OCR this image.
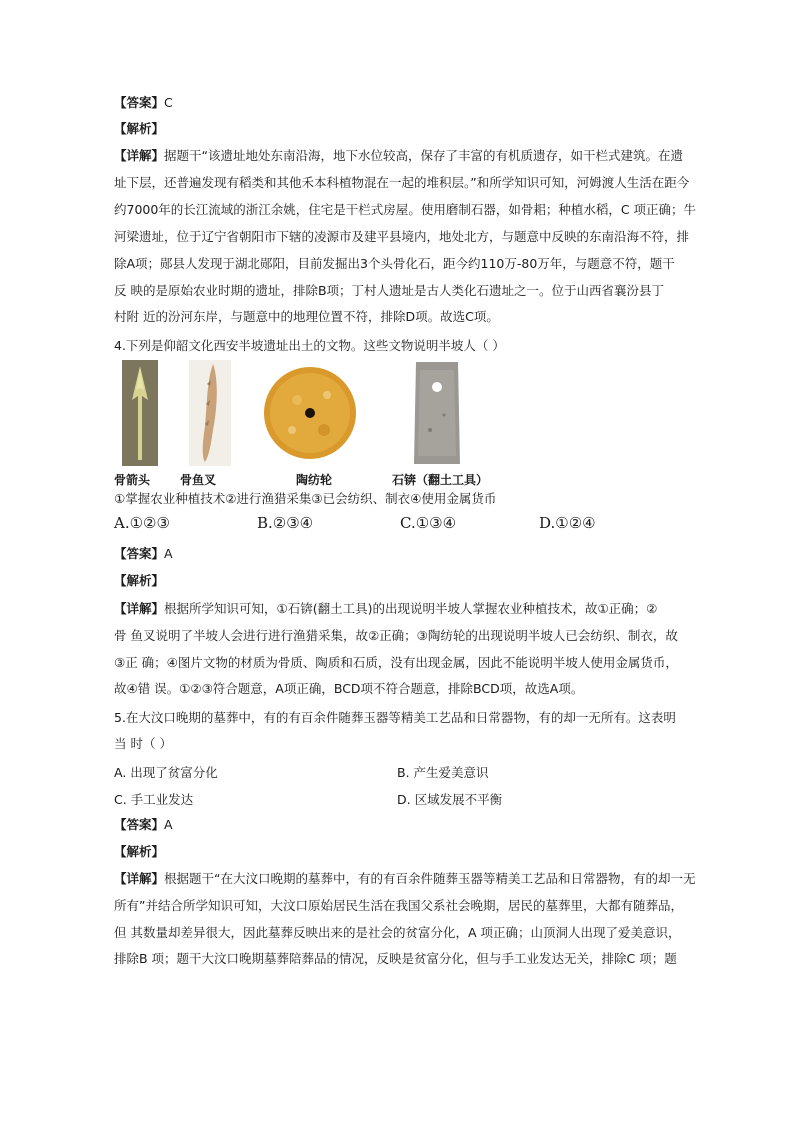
【答案】C
【解析】
【详解】据题干“该遗址地处东南沿海，地下水位较高，保存了丰富的有机质遗存，如干栏式建筑。在遗
址下层，还普遍发现有稻类和其他禾本科植物混在一起的堆积层。”和所学知识可知，河姆渡人生活在距今
约7000年的长江流域的浙江余姚，住宅是干栏式房屋。使用磨制石器，如骨耜；种植水稻，C 项正确；牛
河梁遗址，位于辽宁省朝阳市下辖的凌源市及建平县境内，地处北方，与题意中反映的东南沿海不符，排
除A项；郧县人发现于湖北郧阳，目前发掘出3个头骨化石，距今约110万-80万年，与题意不符，题干
反 映的是原始农业时期的遗址，排除B项；丁村人遗址是古人类化石遗址之一。位于山西省襄汾县丁
村附 近的汾河东岸，与题意中的地理位置不符，排除D项。故选C项。
4.下列是仰韶文化西安半坡遗址出土的文物。这些文物说明半坡人（ ）
骨箭头 骨鱼叉	陶纺轮	石锛（翻土工具）
①掌握农业种植技术②进行渔猎采集③已会纺织、制衣④使用金属货币
A.①②③	B.②③④	C.①③④	D.①②④
【答案】A
【解析】
【详解】根据所学知识可知，①石锛(翻土工具)的出现说明半坡人掌握农业种植技术，故①正确；②
骨 鱼叉说明了半坡人会进行进行渔猎采集，故②正确；③陶纺轮的出现说明半坡人已会纺织、制衣，故
③正 确；④图片文物的材质为骨质、陶质和石质，没有出现金属，因此不能说明半坡人使用金属货币，
故④错 误。①②③符合题意，A项正确，BCD项不符合题意，排除BCD项，故选A项。
5.在大汶口晚期的墓葬中，有的有百余件随葬玉器等精美工艺品和日常器物，有的却一无所有。这表明
当 时（ ）
A. 出现了贫富分化	B. 产生爱美意识
C. 手工业发达	D. 区域发展不平衡
【答案】A
【解析】
【详解】根据题干“在大汶口晚期的墓葬中，有的有百余件随葬玉器等精美工艺品和日常器物，有的却一无
所有”并结合所学知识可知，大汶口原始居民生活在我国父系社会晚期，居民的墓葬里，大都有随葬品，
但 其数量却差异很大，因此墓葬反映出来的是社会的贫富分化，A 项正确；山顶洞人出现了爱美意识，
排除B 项；题干大汶口晚期墓葬陪葬品的情况，反映是贫富分化，但与手工业发达无关，排除C 项；题
